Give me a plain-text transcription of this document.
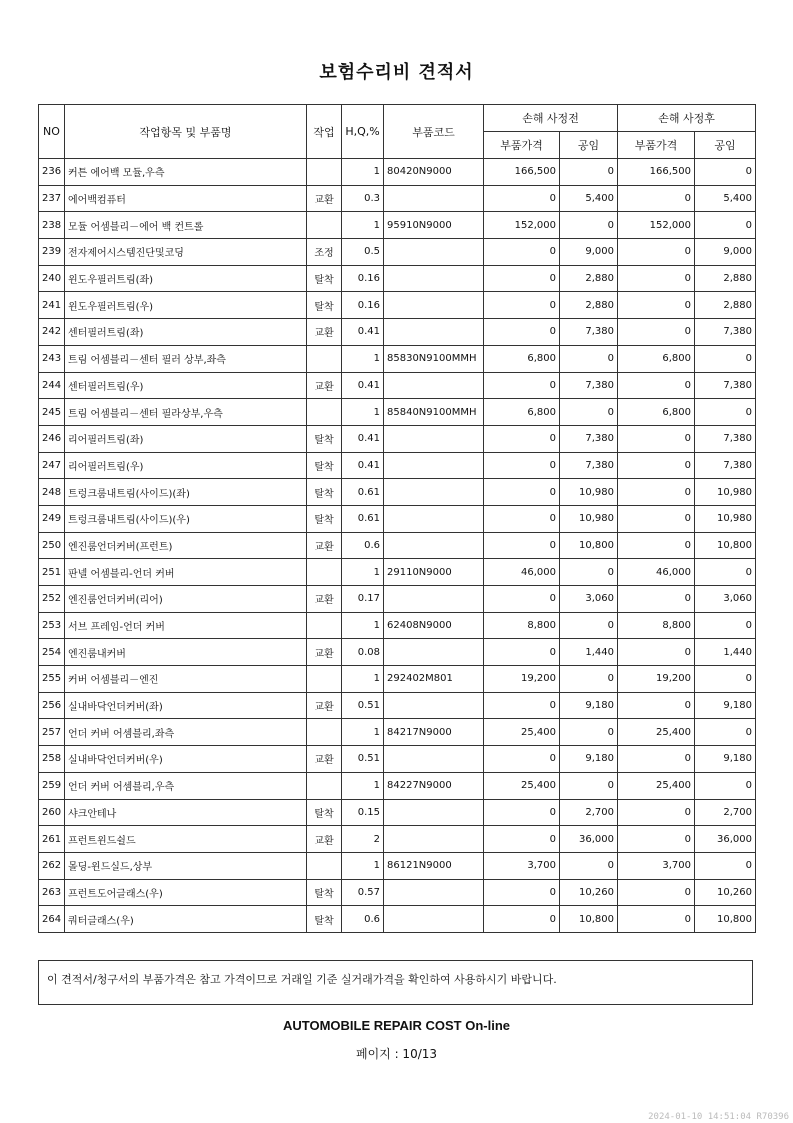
보험수리비 견적서
NO	작업항목 및 부품명	작업	H,Q,%	부품코드	손해 사정전		손해 사정후	
					부품가격	공임	부품가격	공임
236	커튼 에어백 모듈,우측		1	80420N9000	166,500	0	166,500	0
237	에어백컴퓨터	교환	0.3		0	5,400	0	5,400
238	모듈 어셈블리－에어 백 컨트롤		1	95910N9000	152,000	0	152,000	0
239	전자제어시스템진단및코딩	조정	0.5		0	9,000	0	9,000
240	윈도우필러트림(좌)	탈착	0.16		0	2,880	0	2,880
241	윈도우필러트림(우)	탈착	0.16		0	2,880	0	2,880
242	센터필러트림(좌)	교환	0.41		0	7,380	0	7,380
243	트림 어셈블리－센터 필러 상부,좌측		1	85830N9100MMH	6,800	0	6,800	0
244	센터필러트림(우)	교환	0.41		0	7,380	0	7,380
245	트림 어셈블리－센터 필라상부,우측		1	85840N9100MMH	6,800	0	6,800	0
246	리어필러트림(좌)	탈착	0.41		0	7,380	0	7,380
247	리어필러트림(우)	탈착	0.41		0	7,380	0	7,380
248	트렁크룸내트림(사이드)(좌)	탈착	0.61		0	10,980	0	10,980
249	트렁크룸내트림(사이드)(우)	탈착	0.61		0	10,980	0	10,980
250	엔진룸언더커버(프런트)	교환	0.6		0	10,800	0	10,800
251	판넬 어셈블리-언더 커버		1	29110N9000	46,000	0	46,000	0
252	엔진룸언더커버(리어)	교환	0.17		0	3,060	0	3,060
253	서브 프레임-언더 커버		1	62408N9000	8,800	0	8,800	0
254	엔진룸내커버	교환	0.08		0	1,440	0	1,440
255	커버 어셈블리－엔진		1	292402M801	19,200	0	19,200	0
256	실내바닥언더커버(좌)	교환	0.51		0	9,180	0	9,180
257	언더 커버 어셈블리,좌측		1	84217N9000	25,400	0	25,400	0
258	실내바닥언더커버(우)	교환	0.51		0	9,180	0	9,180
259	언더 커버 어셈블리,우측		1	84227N9000	25,400	0	25,400	0
260	샤크안테나	탈착	0.15		0	2,700	0	2,700
261	프런트윈드쉴드	교환	2		0	36,000	0	36,000
262	몰딩-윈드실드,상부		1	86121N9000	3,700	0	3,700	0
263	프런트도어글래스(우)	탈착	0.57		0	10,260	0	10,260
264	쿼터글래스(우)	탈착	0.6		0	10,800	0	10,800
이 견적서/청구서의 부품가격은 참고 가격이므로 거래일 기준 실거래가격을 확인하여 사용하시기 바랍니다.
AUTOMOBILE REPAIR COST On-line
페이지 : 10/13
2024-01-10 14:51:04 R70396
